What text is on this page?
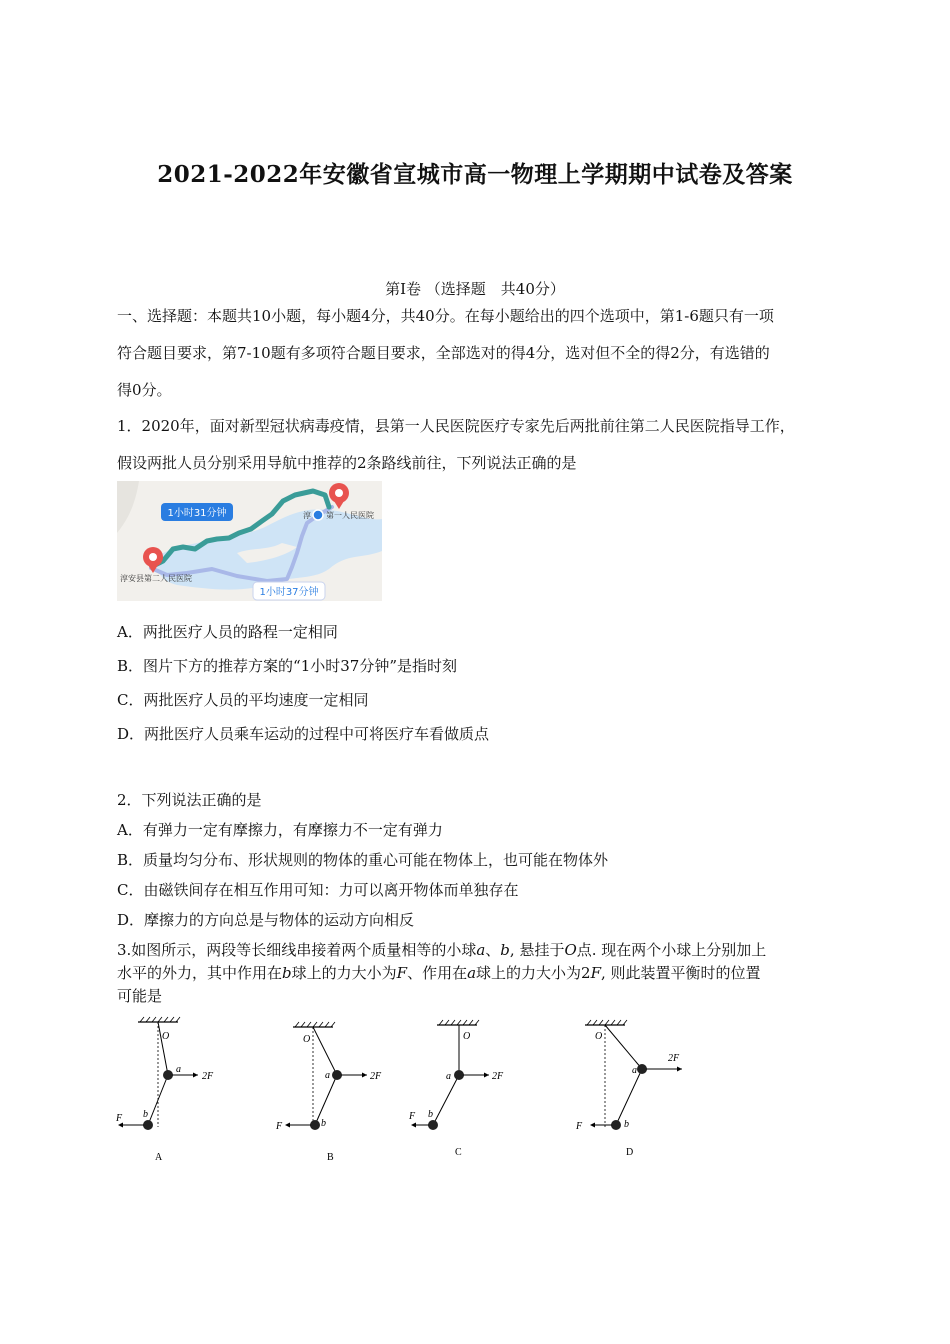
2021-2022年安徽省宣城市高一物理上学期期中试卷及答案
第Ⅰ卷 （选择题　共40分）
一、选择题：本题共10小题，每小题4分，共40分。在每小题给出的四个选项中，第1-6题只有一项
符合题目要求，第7-10题有多项符合题目要求，全部选对的得4分，选对但不全的得2分，有选错的
得0分。
1．2020年，面对新型冠状病毒疫情，县第一人民医院医疗专家先后两批前往第二人民医院指导工作，
假设两批人员分别采用导航中推荐的2条路线前往，下列说法正确的是
1小时31分钟
1小时37分钟
淳 第一人民医院
淳安县第二人民医院
A．两批医疗人员的路程一定相同
B．图片下方的推荐方案的“1小时37分钟”是指时刻
C．两批医疗人员的平均速度一定相同
D．两批医疗人员乘车运动的过程中可将医疗车看做质点
2．下列说法正确的是
A．有弹力一定有摩擦力，有摩擦力不一定有弹力
B．质量均匀分布、形状规则的物体的重心可能在物体上，也可能在物体外
C．由磁铁间存在相互作用可知：力可以离开物体而单独存在
D．摩擦力的方向总是与物体的运动方向相反
3.如图所示，两段等长细线串接着两个质量相等的小球a、b, 悬挂于O点. 现在两个小球上分别加上
水平的外力，其中作用在b球上的力大小为F、作用在a球上的力大小为2F, 则此装置平衡时的位置
可能是
O
a
b
2F
F
A
O
a
b
2F
F
B
O
a
b
2F
F
C
O
a
b
2F
F
D
